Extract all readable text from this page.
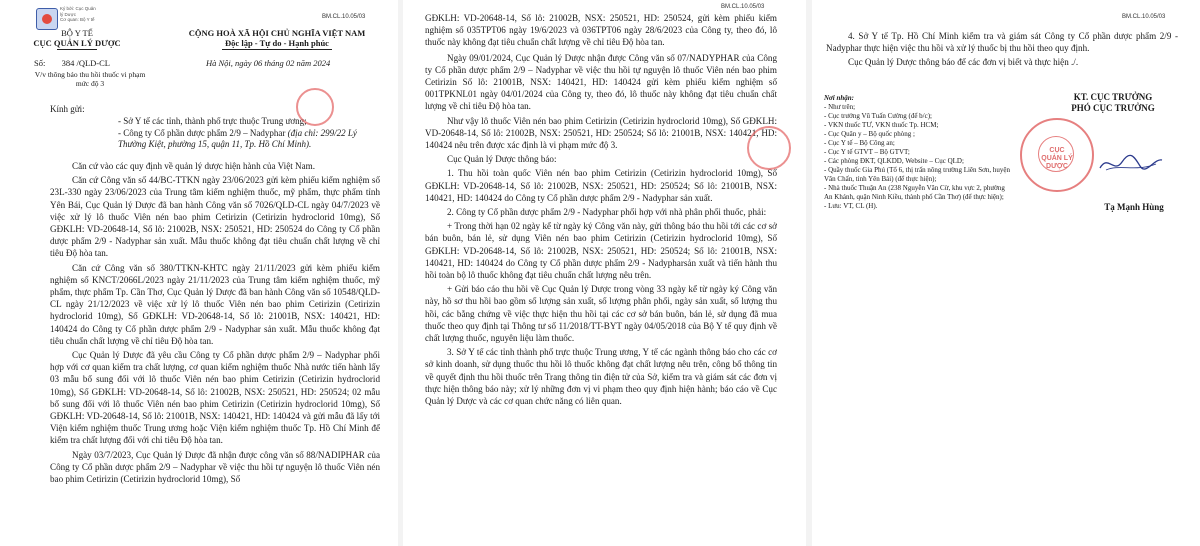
Ký bởi: Cục Quản
lý Dược
Cơ quan: Bộ Y tế	BM.CL.10.05/03
BỘ Y TẾ
CỤC QUẢN LÝ DƯỢC
CỘNG HOÀ XÃ HỘI CHỦ NGHĨA VIỆT NAM
Độc lập - Tự do - Hạnh phúc
Số: 384 /QLD-CL	Hà Nội, ngày 06 tháng 02 năm 2024
V/v thông báo thu hồi thuốc vi phạm mức độ 3
Kính gửi:
- Sở Y tế các tỉnh, thành phố trực thuộc Trung ương;
- Công ty Cổ phần dược phẩm 2/9 – Nadyphar (địa chỉ: 299/22 Lý Thường Kiệt, phường 15, quận 11, Tp. Hồ Chí Minh).

Căn cứ vào các quy định về quản lý dược hiện hành của Việt Nam.

Căn cứ Công văn số 44/BC-TTKN ngày 23/06/2023 gửi kèm phiếu kiểm nghiệm số 23L-330 ngày 23/06/2023 của Trung tâm kiểm nghiệm thuốc, mỹ phẩm, thực phẩm tỉnh Yên Bái, Cục Quản lý Dược đã ban hành Công văn số 7026/QLD-CL ngày 04/7/2023 về việc xử lý lô thuốc Viên nén bao phim Cetirizin (Cetirizin hydroclorid 10mg), Số GĐKLH: VD-20648-14, Số lô: 21002B, NSX: 250521, HD: 250524 do Công ty Cổ phần dược phẩm 2/9 - Nadyphar sản xuất. Mẫu thuốc không đạt tiêu chuẩn chất lượng về chỉ tiêu Độ hòa tan.

Căn cứ Công văn số 380/TTKN-KHTC ngày 21/11/2023 gửi kèm phiếu kiểm nghiệm số KNCT/2066L/2023 ngày 21/11/2023 của Trung tâm kiểm nghiệm thuốc, mỹ phẩm, thực phẩm Tp. Cần Thơ, Cục Quản lý Dược đã ban hành Công văn số 10548/QLD-CL ngày 21/12/2023 về việc xử lý lô thuốc Viên nén bao phim Cetirizin (Cetirizin hydroclorid 10mg), Số GĐKLH: VD-20648-14, Số lô: 21001B, NSX: 140421, HD: 140424 do Công ty Cổ phần dược phẩm 2/9 - Nadyphar sản xuất. Mẫu thuốc không đạt tiêu chuẩn chất lượng về chỉ tiêu Độ hòa tan.

Cục Quản lý Dược đã yêu cầu Công ty Cổ phần dược phẩm 2/9 – Nadyphar phối hợp với cơ quan kiểm tra chất lượng, cơ quan kiểm nghiệm thuốc Nhà nước tiến hành lấy 03 mẫu bổ sung đối với lô thuốc Viên nén bao phim Cetirizin (Cetirizin hydroclorid 10mg), Số GĐKLH: VD-20648-14, Số lô: 21002B, NSX: 250521, HD: 250524; 02 mẫu bổ sung đối với lô thuốc Viên nén bao phim Cetirizin (Cetirizin hydroclorid 10mg), Số GĐKLH: VD-20648-14, Số lô: 21001B, NSX: 140421, HD: 140424 và gửi mẫu đã lấy tới Viện kiểm nghiệm thuốc Trung ương hoặc Viện kiểm nghiệm thuốc Tp. Hồ Chí Minh để kiểm tra chất lượng đối với chỉ tiêu Độ hòa tan.

Ngày 03/7/2023, Cục Quản lý Dược đã nhận được công văn số 88/NADIPHAR của Công ty Cổ phần dược phẩm 2/9 – Nadyphar về việc thu hồi tự nguyện lô thuốc Viên nén bao phim Cetirizin (Cetirizin hydroclorid 10mg), Số

BM.CL.10.05/03

GĐKLH: VD-20648-14, Số lô: 21002B, NSX: 250521, HD: 250524, gửi kèm phiếu kiểm nghiệm số 035TPT06 ngày 19/6/2023 và 036TPT06 ngày 28/6/2023 của Công ty, theo đó, lô thuốc này không đạt tiêu chuẩn chất lượng về chỉ tiêu Độ hòa tan.

Ngày 09/01/2024, Cục Quản lý Dược nhận được Công văn số 07/NADYPHAR của Công ty Cổ phần dược phẩm 2/9 – Nadyphar về việc thu hồi tự nguyện lô thuốc Viên nén bao phim Cetirizin Số lô: 21001B, NSX: 140421, HD: 140424 gửi kèm phiếu kiểm nghiệm số 001TPKNL01 ngày 04/01/2024 của Công ty, theo đó, lô thuốc này không đạt tiêu chuẩn chất lượng về chỉ tiêu Độ hòa tan.

Như vậy lô thuốc Viên nén bao phim Cetirizin (Cetirizin hydroclorid 10mg), Số GĐKLH: VD-20648-14, Số lô: 21002B, NSX: 250521, HD: 250524; Số lô: 21001B, NSX: 140421, HD: 140424 nêu trên được xác định là vi phạm mức độ 3.

Cục Quản lý Dược thông báo:

1. Thu hồi toàn quốc Viên nén bao phim Cetirizin (Cetirizin hydroclorid 10mg), Số GĐKLH: VD-20648-14, Số lô: 21002B, NSX: 250521, HD: 250524; Số lô: 21001B, NSX: 140421, HD: 140424 do Công ty Cổ phần dược phẩm 2/9 - Nadyphar sản xuất.

2. Công ty Cổ phần dược phẩm 2/9 - Nadyphar phối hợp với nhà phân phối thuốc, phải:

+ Trong thời hạn 02 ngày kể từ ngày ký Công văn này, gửi thông báo thu hồi tới các cơ sở bán buôn, bán lẻ, sử dụng Viên nén bao phim Cetirizin (Cetirizin hydroclorid 10mg), Số GĐKLH: VD-20648-14, Số lô: 21002B, NSX: 250521, HD: 250524; Số lô: 21001B, NSX: 140421, HD: 140424 do Công ty Cổ phần dược phẩm 2/9 - Nadypharsản xuất và tiến hành thu hồi toàn bộ lô thuốc không đạt tiêu chuẩn chất lượng nêu trên.

+ Gửi báo cáo thu hồi về Cục Quản lý Dược trong vòng 33 ngày kể từ ngày ký Công văn này, hồ sơ thu hồi bao gồm số lượng sản xuất, số lượng phân phối, ngày sản xuất, số lượng thu hồi, các bằng chứng về việc thực hiện thu hồi tại các cơ sở bán buôn, bán lẻ, sử dụng đã mua thuốc theo quy định tại Thông tư số 11/2018/TT-BYT ngày 04/05/2018 của Bộ Y tế quy định về chất lượng thuốc, nguyên liệu làm thuốc.

3. Sở Y tế các tỉnh thành phố trực thuộc Trung ương, Y tế các ngành thông báo cho các cơ sở kinh doanh, sử dụng thuốc thu hồi lô thuốc không đạt chất lượng nêu trên, công bố thông tin về quyết định thu hồi thuốc trên Trang thông tin điện tử của Sở, kiểm tra và giám sát các đơn vị thực hiện thông báo này; xử lý những đơn vị vi phạm theo quy định hiện hành; báo cáo về Cục Quản lý Dược và các cơ quan chức năng có liên quan.

BM.CL.10.05/03

4. Sở Y tế Tp. Hồ Chí Minh kiểm tra và giám sát Công ty Cổ phần dược phẩm 2/9 - Nadyphar thực hiện việc thu hồi và xử lý thuốc bị thu hồi theo quy định.

Cục Quản lý Dược thông báo để các đơn vị biết và thực hiện ./.

Nơi nhận:
- Như trên;
- Cục trưởng Vũ Tuấn Cường (để b/c);
- VKN thuốc TƯ, VKN thuốc Tp. HCM;
- Cục Quân y – Bộ quốc phòng ;
- Cục Y tế – Bộ Công an;
- Cục Y tế GTVT – Bộ GTVT;
- Các phòng ĐKT, QLKDD, Website – Cục QLD;
- Quầy thuốc Gia Phú (Tổ 6, thị trấn nông trường Liên Sơn, huyện Văn Chấn, tỉnh Yên Bái) (để thực hiện);
- Nhà thuốc Thuận An (238 Nguyễn Văn Cừ, khu vực 2, phường An Khánh, quận Ninh Kiều, thành phố Cần Thơ) (để thực hiện);
- Lưu: VT, CL (H).
KT. CỤC TRƯỞNG
PHÓ CỤC TRƯỞNG
Tạ Mạnh Hùng
CỤC
QUẢN LÝ
DƯỢC
